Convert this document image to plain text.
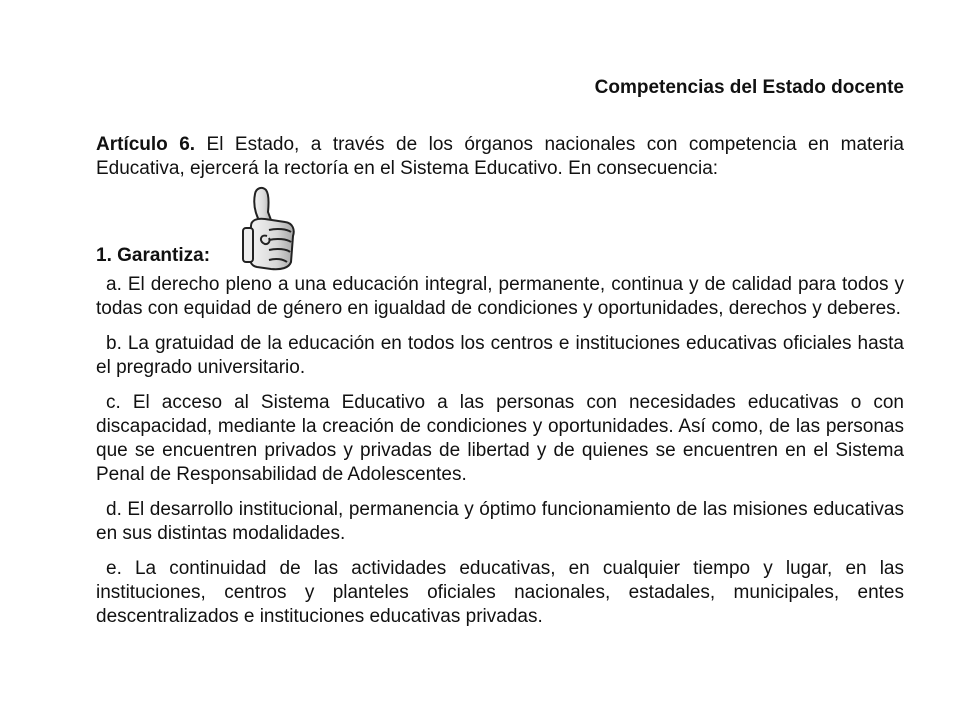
Competencias del Estado docente
Artículo 6. El Estado, a través de los órganos nacionales con competencia en materia Educativa, ejercerá la rectoría en el Sistema Educativo. En consecuencia:
1. Garantiza:

a. El derecho pleno a una educación integral, permanente, continua y de calidad para todos y todas con equidad de género en igualdad de condiciones y oportunidades, derechos y deberes.

b. La gratuidad de la educación en todos los centros e instituciones educativas oficiales hasta el pregrado universitario.

c. El acceso al Sistema Educativo a las personas con necesidades educativas o con discapacidad, mediante la creación de condiciones y oportunidades. Así como, de las personas que se encuentren privados y privadas de libertad y de quienes se encuentren en el Sistema Penal de Responsabilidad de Adolescentes.

d. El desarrollo institucional, permanencia y óptimo funcionamiento de las misiones educativas en sus distintas modalidades.

e. La continuidad de las actividades educativas, en cualquier tiempo y lugar, en las instituciones, centros y planteles oficiales nacionales, estadales, municipales, entes descentralizados e instituciones educativas privadas.
